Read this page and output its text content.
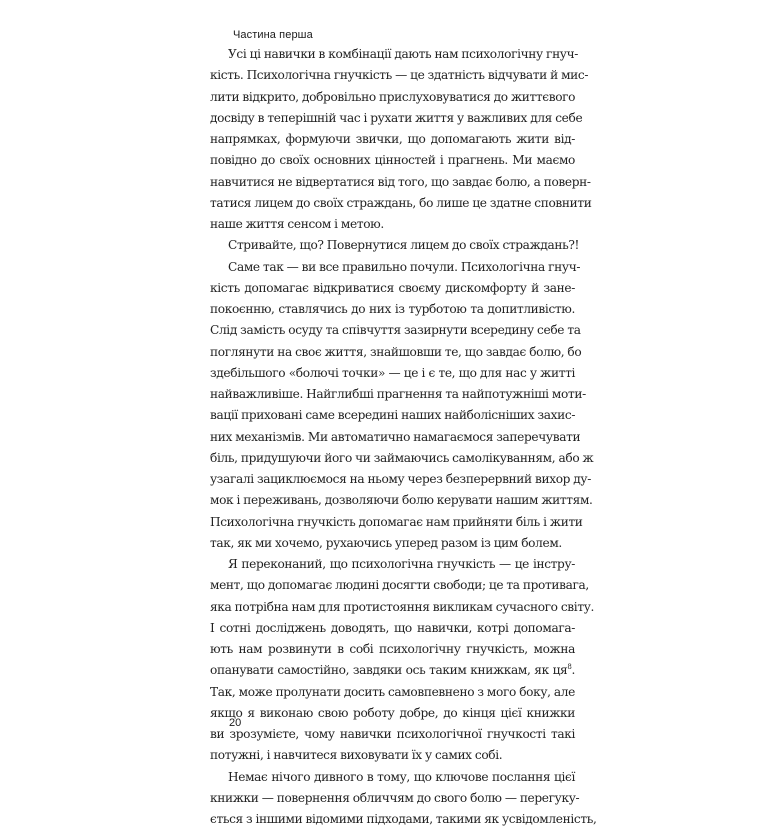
Частина перша
Усі ці навички в комбінації дають нам психологічну гнуч-
кість. Психологічна гнучкість — це здатність відчувати й мис-
лити відкрито, добровільно прислуховуватися до життєвого
досвіду в теперішній час і рухати життя у важливих для себе
напрямках, формуючи звички, що допомагають жити від-
повідно до своїх основних цінностей і прагнень. Ми маємо
навчитися не відвертатися від того, що завдає болю, а поверн-
татися лицем до своїх страждань, бо лише це здатне сповнити
наше життя сенсом і метою.
Стривайте, що? Повернутися лицем до своїх страждань?!
Саме так — ви все правильно почули. Психологічна гнуч-
кість допомагає відкриватися своєму дискомфорту й зане-
покоєнню, ставлячись до них із турботою та допитливістю.
Слід замість осуду та співчуття зазирнути всередину себе та
поглянути на своє життя, знайшовши те, що завдає болю, бо
здебільшого «болючі точки» — це і є те, що для нас у житті
найважливіше. Найглибші прагнення та найпотужніші моти-
вації приховані саме всередині наших найболісніших захис-
них механізмів. Ми автоматично намагаємося заперечувати
біль, придушуючи його чи займаючись самолікуванням, або ж
узагалі зациклюємося на ньому через безперервний вихор ду-
мок і переживань, дозволяючи болю керувати нашим життям.
Психологічна гнучкість допомагає нам прийняти біль і жити
так, як ми хочемо, рухаючись уперед разом із цим болем.
Я переконаний, що психологічна гнучкість — це інстру-
мент, що допомагає людині досягти свободи; це та противага,
яка потрібна нам для протистояння викликам сучасного світу.
І сотні досліджень доводять, що навички, котрі допомага-
ють нам розвинути в собі психологічну гнучкість, можна
опанувати самостійно, завдяки ось таким книжкам, як $ця^8$.
Так, може пролунати досить самовпевнено з мого боку, але
якщо я виконаю свою роботу добре, до кінця цієї книжки
ви зрозумієте, чому навички психологічної гнучкості такі
потужні, і навчитеся виховувати їх у самих собі.
Немає нічого дивного в тому, що ключове послання цієї
книжки — повернення обличчям до свого болю — перегуку-
ється з іншими відомими підходами, такими як усвідомленість,
20
